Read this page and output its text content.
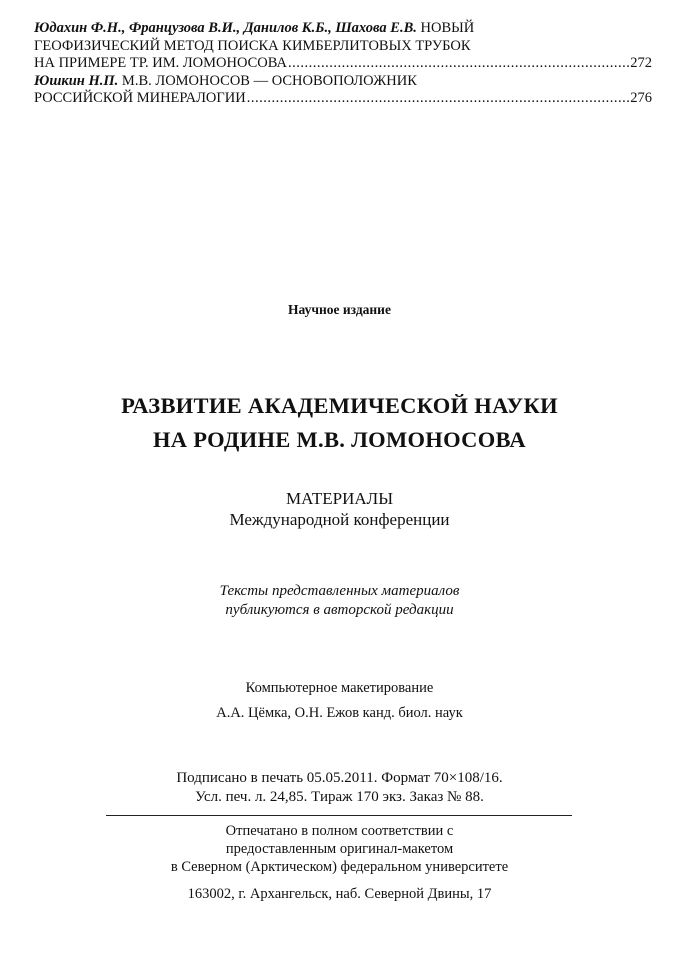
Юдахин Ф.Н., Французова В.И., Данилов К.Б., Шахова Е.В. НОВЫЙ
ГЕОФИЗИЧЕСКИЙ МЕТОД ПОИСКА КИМБЕРЛИТОВЫХ ТРУБОК
НА ПРИМЕРЕ ТР. ИМ. ЛОМОНОСОВА .....	272
Юшкин Н.П. М.В. ЛОМОНОСОВ — ОСНОВОПОЛОЖНИК
РОССИЙСКОЙ МИНЕРАЛОГИИ .....	276
Научное издание
РАЗВИТИЕ АКАДЕМИЧЕСКОЙ НАУКИ
НА РОДИНЕ М.В. ЛОМОНОСОВА
МАТЕРИАЛЫ
Международной конференции
Тексты представленных материалов
публикуются в авторской редакции
Компьютерное макетирование
А.А. Цёмка, О.Н. Ежов канд. биол. наук
Подписано в печать 05.05.2011. Формат 70×108/16.
Усл. печ. л. 24,85. Тираж 170 экз. Заказ № 88.
Отпечатано в полном соответствии с
предоставленным оригинал-макетом
в Северном (Арктическом) федеральном университете
163002, г. Архангельск, наб. Северной Двины, 17
